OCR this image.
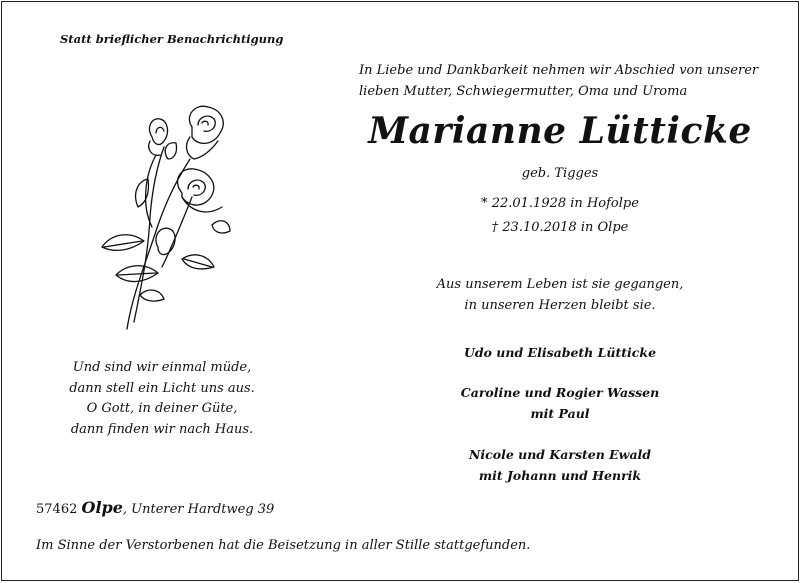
Statt brieflicher Benachrichtigung
In Liebe und Dankbarkeit nehmen wir Abschied von unserer
lieben Mutter, Schwiegermutter, Oma und Uroma
Marianne Lütticke
geb. Tigges
* 22.01.1928 in Hofolpe
† 23.10.2018 in Olpe
Aus unserem Leben ist sie gegangen,
in unseren Herzen bleibt sie.
Udo und Elisabeth Lütticke
Caroline und Rogier Wassen
mit Paul
Nicole und Karsten Ewald
mit Johann und Henrik
Und sind wir einmal müde,
dann stell ein Licht uns aus.
O Gott, in deiner Güte,
dann finden wir nach Haus.
57462 Olpe, Unterer Hardtweg 39
Im Sinne der Verstorbenen hat die Beisetzung in aller Stille stattgefunden.
